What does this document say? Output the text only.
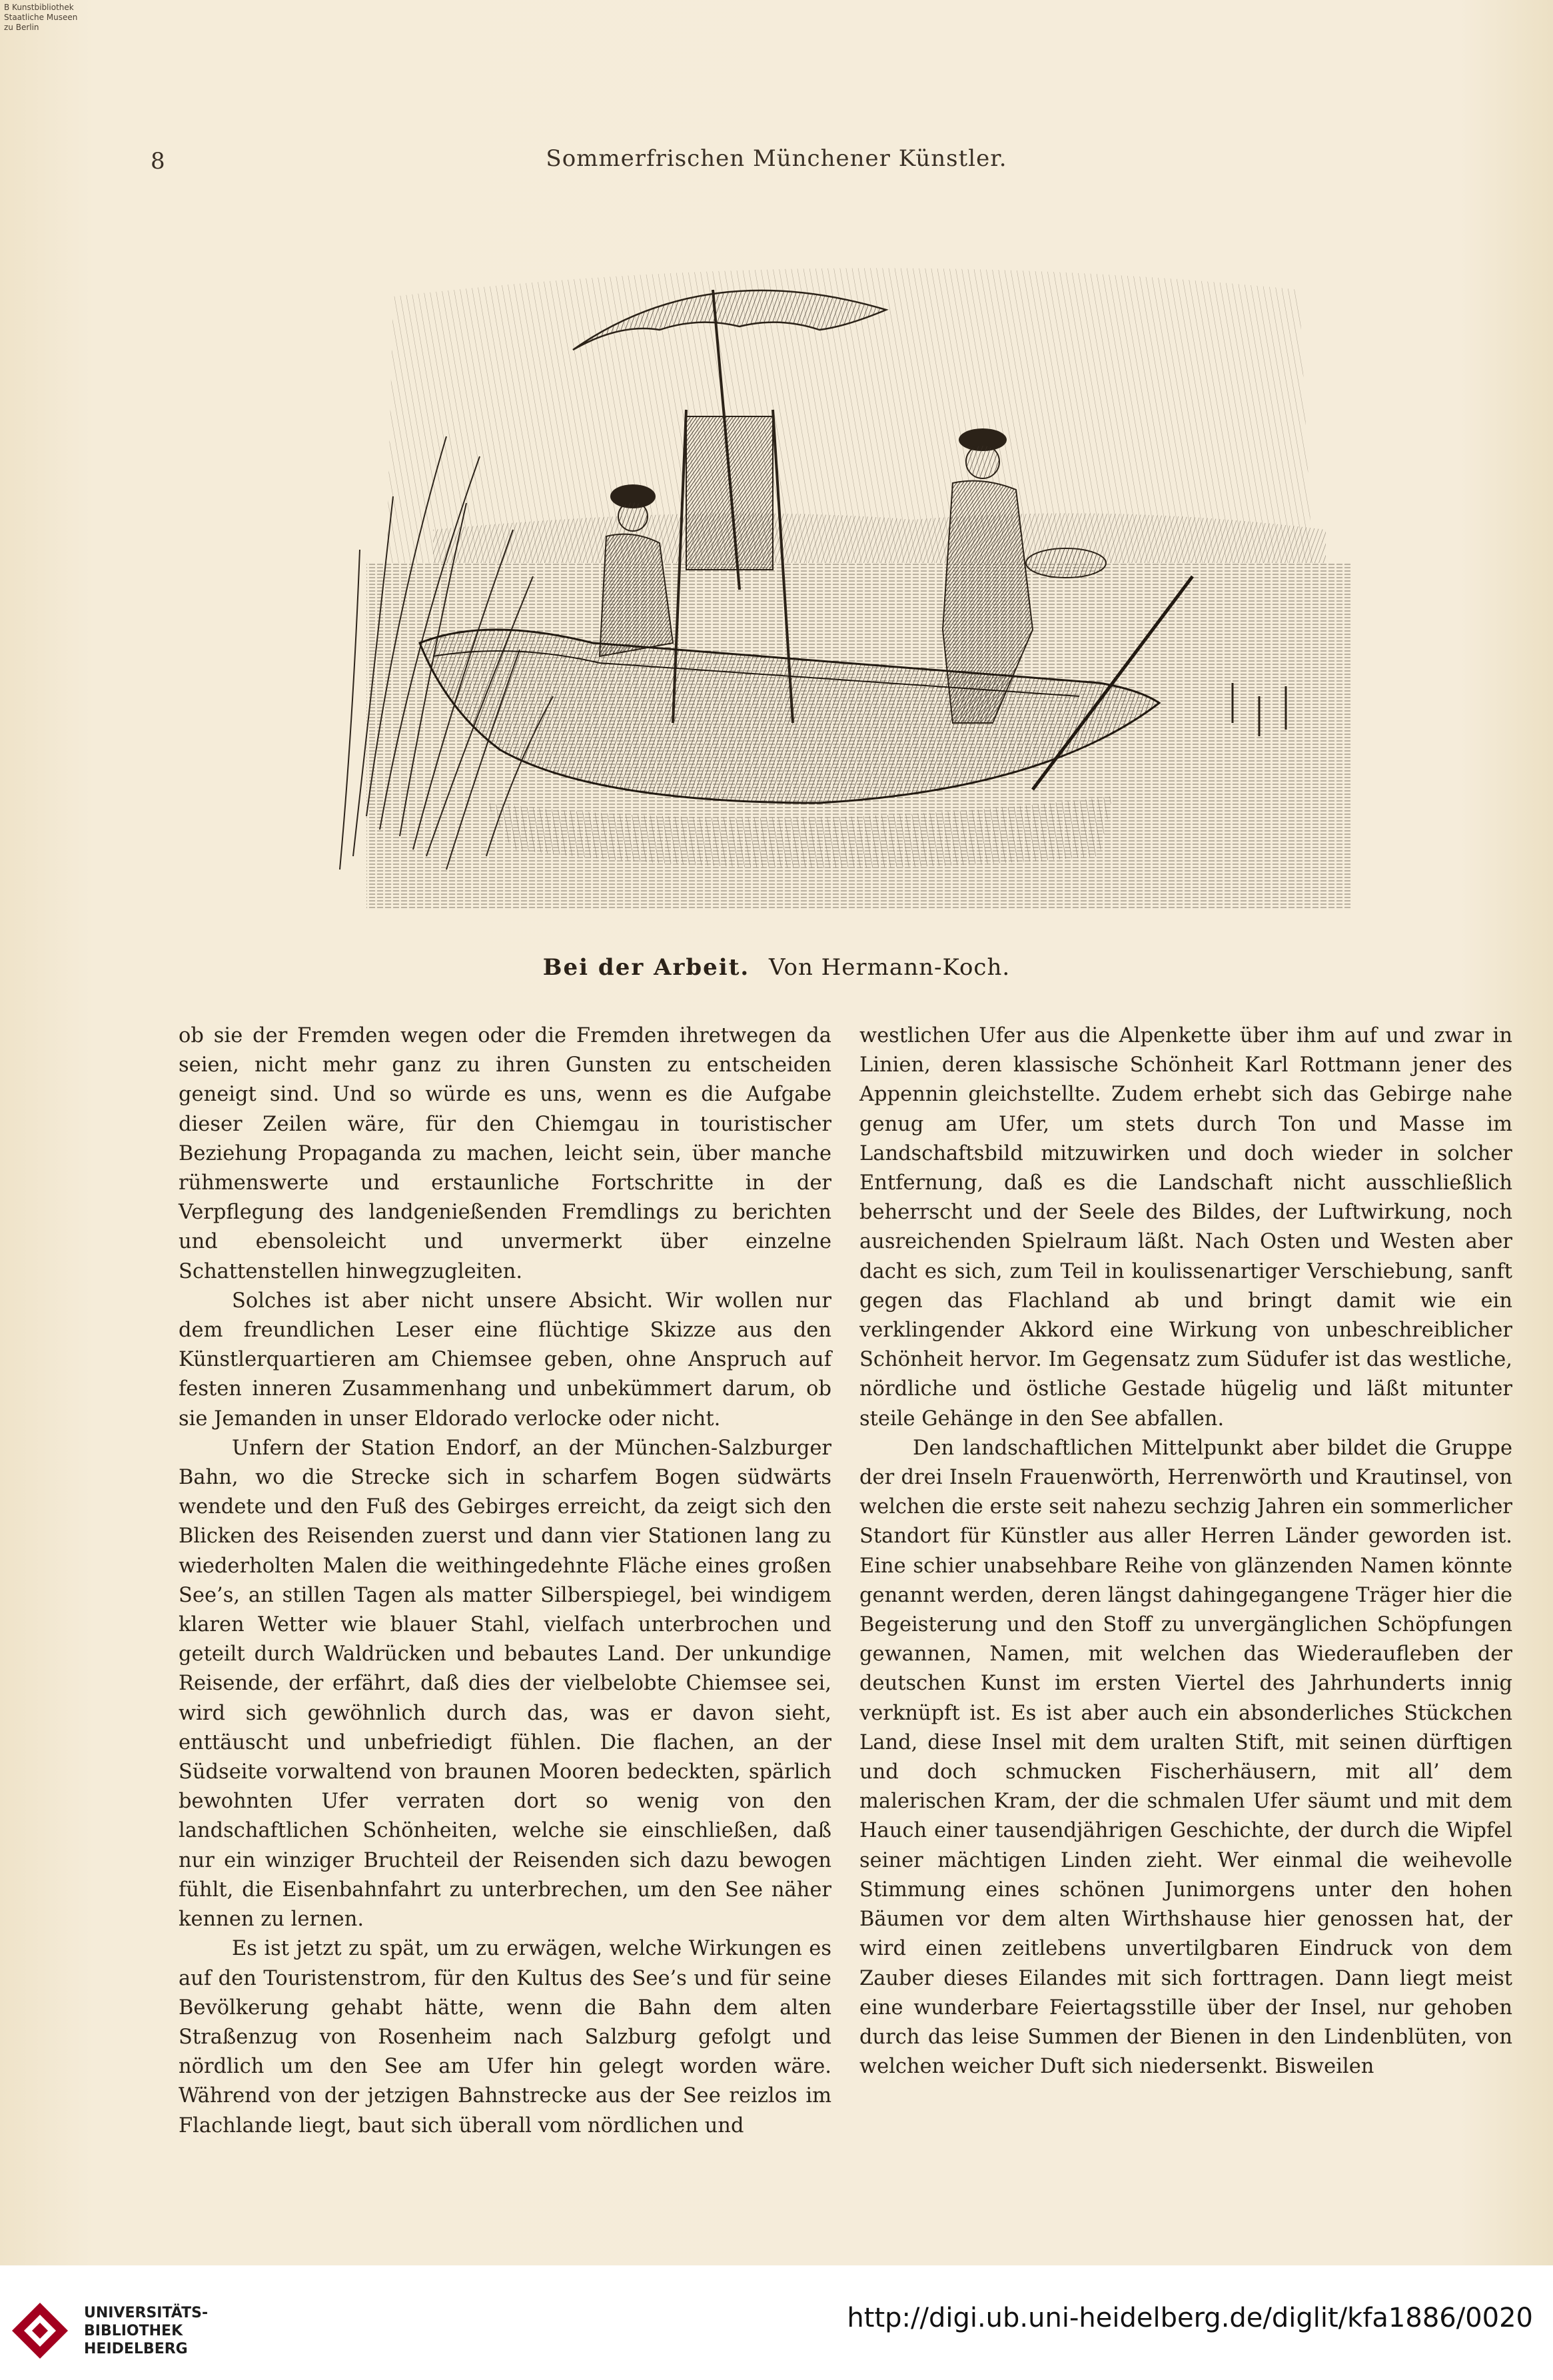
B Kunstbibliothek
Staatliche Museen
zu Berlin
8	Sommerfrischen Münchener Künstler.
Bei der Arbeit. Von Hermann-Koch.

ob sie der Fremden wegen oder die Fremden ihretwegen da seien, nicht mehr ganz zu ihren Gunsten zu entscheiden geneigt sind. Und so würde es uns, wenn es die Aufgabe dieser Zeilen wäre, für den Chiemgau in touristischer Beziehung Propaganda zu machen, leicht sein, über manche rühmenswerte und erstaunliche Fortschritte in der Verpflegung des landgenießenden Fremdlings zu berichten und ebensoleicht und unvermerkt über einzelne Schattenstellen hinwegzugleiten.

Solches ist aber nicht unsere Absicht. Wir wollen nur dem freundlichen Leser eine flüchtige Skizze aus den Künstlerquartieren am Chiemsee geben, ohne Anspruch auf festen inneren Zusammenhang und unbekümmert darum, ob sie Jemanden in unser Eldorado verlocke oder nicht.

Unfern der Station Endorf, an der München-Salzburger Bahn, wo die Strecke sich in scharfem Bogen südwärts wendete und den Fuß des Gebirges erreicht, da zeigt sich den Blicken des Reisenden zuerst und dann vier Stationen lang zu wiederholten Malen die weithingedehnte Fläche eines großen See’s, an stillen Tagen als matter Silberspiegel, bei windigem klaren Wetter wie blauer Stahl, vielfach unterbrochen und geteilt durch Waldrücken und bebautes Land. Der unkundige Reisende, der erfährt, daß dies der vielbelobte Chiemsee sei, wird sich gewöhnlich durch das, was er davon sieht, enttäuscht und unbefriedigt fühlen. Die flachen, an der Südseite vorwaltend von braunen Mooren bedeckten, spärlich bewohnten Ufer verraten dort so wenig von den landschaftlichen Schönheiten, welche sie einschließen, daß nur ein winziger Bruchteil der Reisenden sich dazu bewogen fühlt, die Eisenbahnfahrt zu unterbrechen, um den See näher kennen zu lernen.

Es ist jetzt zu spät, um zu erwägen, welche Wirkungen es auf den Touristenstrom, für den Kultus des See’s und für seine Bevölkerung gehabt hätte, wenn die Bahn dem alten Straßenzug von Rosenheim nach Salzburg gefolgt und nördlich um den See am Ufer hin gelegt worden wäre. Während von der jetzigen Bahnstrecke aus der See reizlos im Flachlande liegt, baut sich überall vom nördlichen und

westlichen Ufer aus die Alpenkette über ihm auf und zwar in Linien, deren klassische Schönheit Karl Rottmann jener des Appennin gleichstellte. Zudem erhebt sich das Gebirge nahe genug am Ufer, um stets durch Ton und Masse im Landschaftsbild mitzuwirken und doch wieder in solcher Entfernung, daß es die Landschaft nicht ausschließlich beherrscht und der Seele des Bildes, der Luftwirkung, noch ausreichenden Spielraum läßt. Nach Osten und Westen aber dacht es sich, zum Teil in koulissenartiger Verschiebung, sanft gegen das Flachland ab und bringt damit wie ein verklingender Akkord eine Wirkung von unbeschreiblicher Schönheit hervor. Im Gegensatz zum Südufer ist das westliche, nördliche und östliche Gestade hügelig und läßt mitunter steile Gehänge in den See abfallen.

Den landschaftlichen Mittelpunkt aber bildet die Gruppe der drei Inseln Frauenwörth, Herrenwörth und Krautinsel, von welchen die erste seit nahezu sechzig Jahren ein sommerlicher Standort für Künstler aus aller Herren Länder geworden ist. Eine schier unabsehbare Reihe von glänzenden Namen könnte genannt werden, deren längst dahingegangene Träger hier die Begeisterung und den Stoff zu unvergänglichen Schöpfungen gewannen, Namen, mit welchen das Wiederaufleben der deutschen Kunst im ersten Viertel des Jahrhunderts innig verknüpft ist. Es ist aber auch ein absonderliches Stückchen Land, diese Insel mit dem uralten Stift, mit seinen dürftigen und doch schmucken Fischerhäusern, mit all’ dem malerischen Kram, der die schmalen Ufer säumt und mit dem Hauch einer tausendjährigen Geschichte, der durch die Wipfel seiner mächtigen Linden zieht. Wer einmal die weihevolle Stimmung eines schönen Junimorgens unter den hohen Bäumen vor dem alten Wirthshause hier genossen hat, der wird einen zeitlebens unvertilgbaren Eindruck von dem Zauber dieses Eilandes mit sich forttragen. Dann liegt meist eine wunderbare Feiertagsstille über der Insel, nur gehoben durch das leise Summen der Bienen in den Lindenblüten, von welchen weicher Duft sich niedersenkt. Bisweilen

UNIVERSITÄTS-
BIBLIOTHEK
HEIDELBERG
http://digi.ub.uni-heidelberg.de/diglit/kfa1886/0020
